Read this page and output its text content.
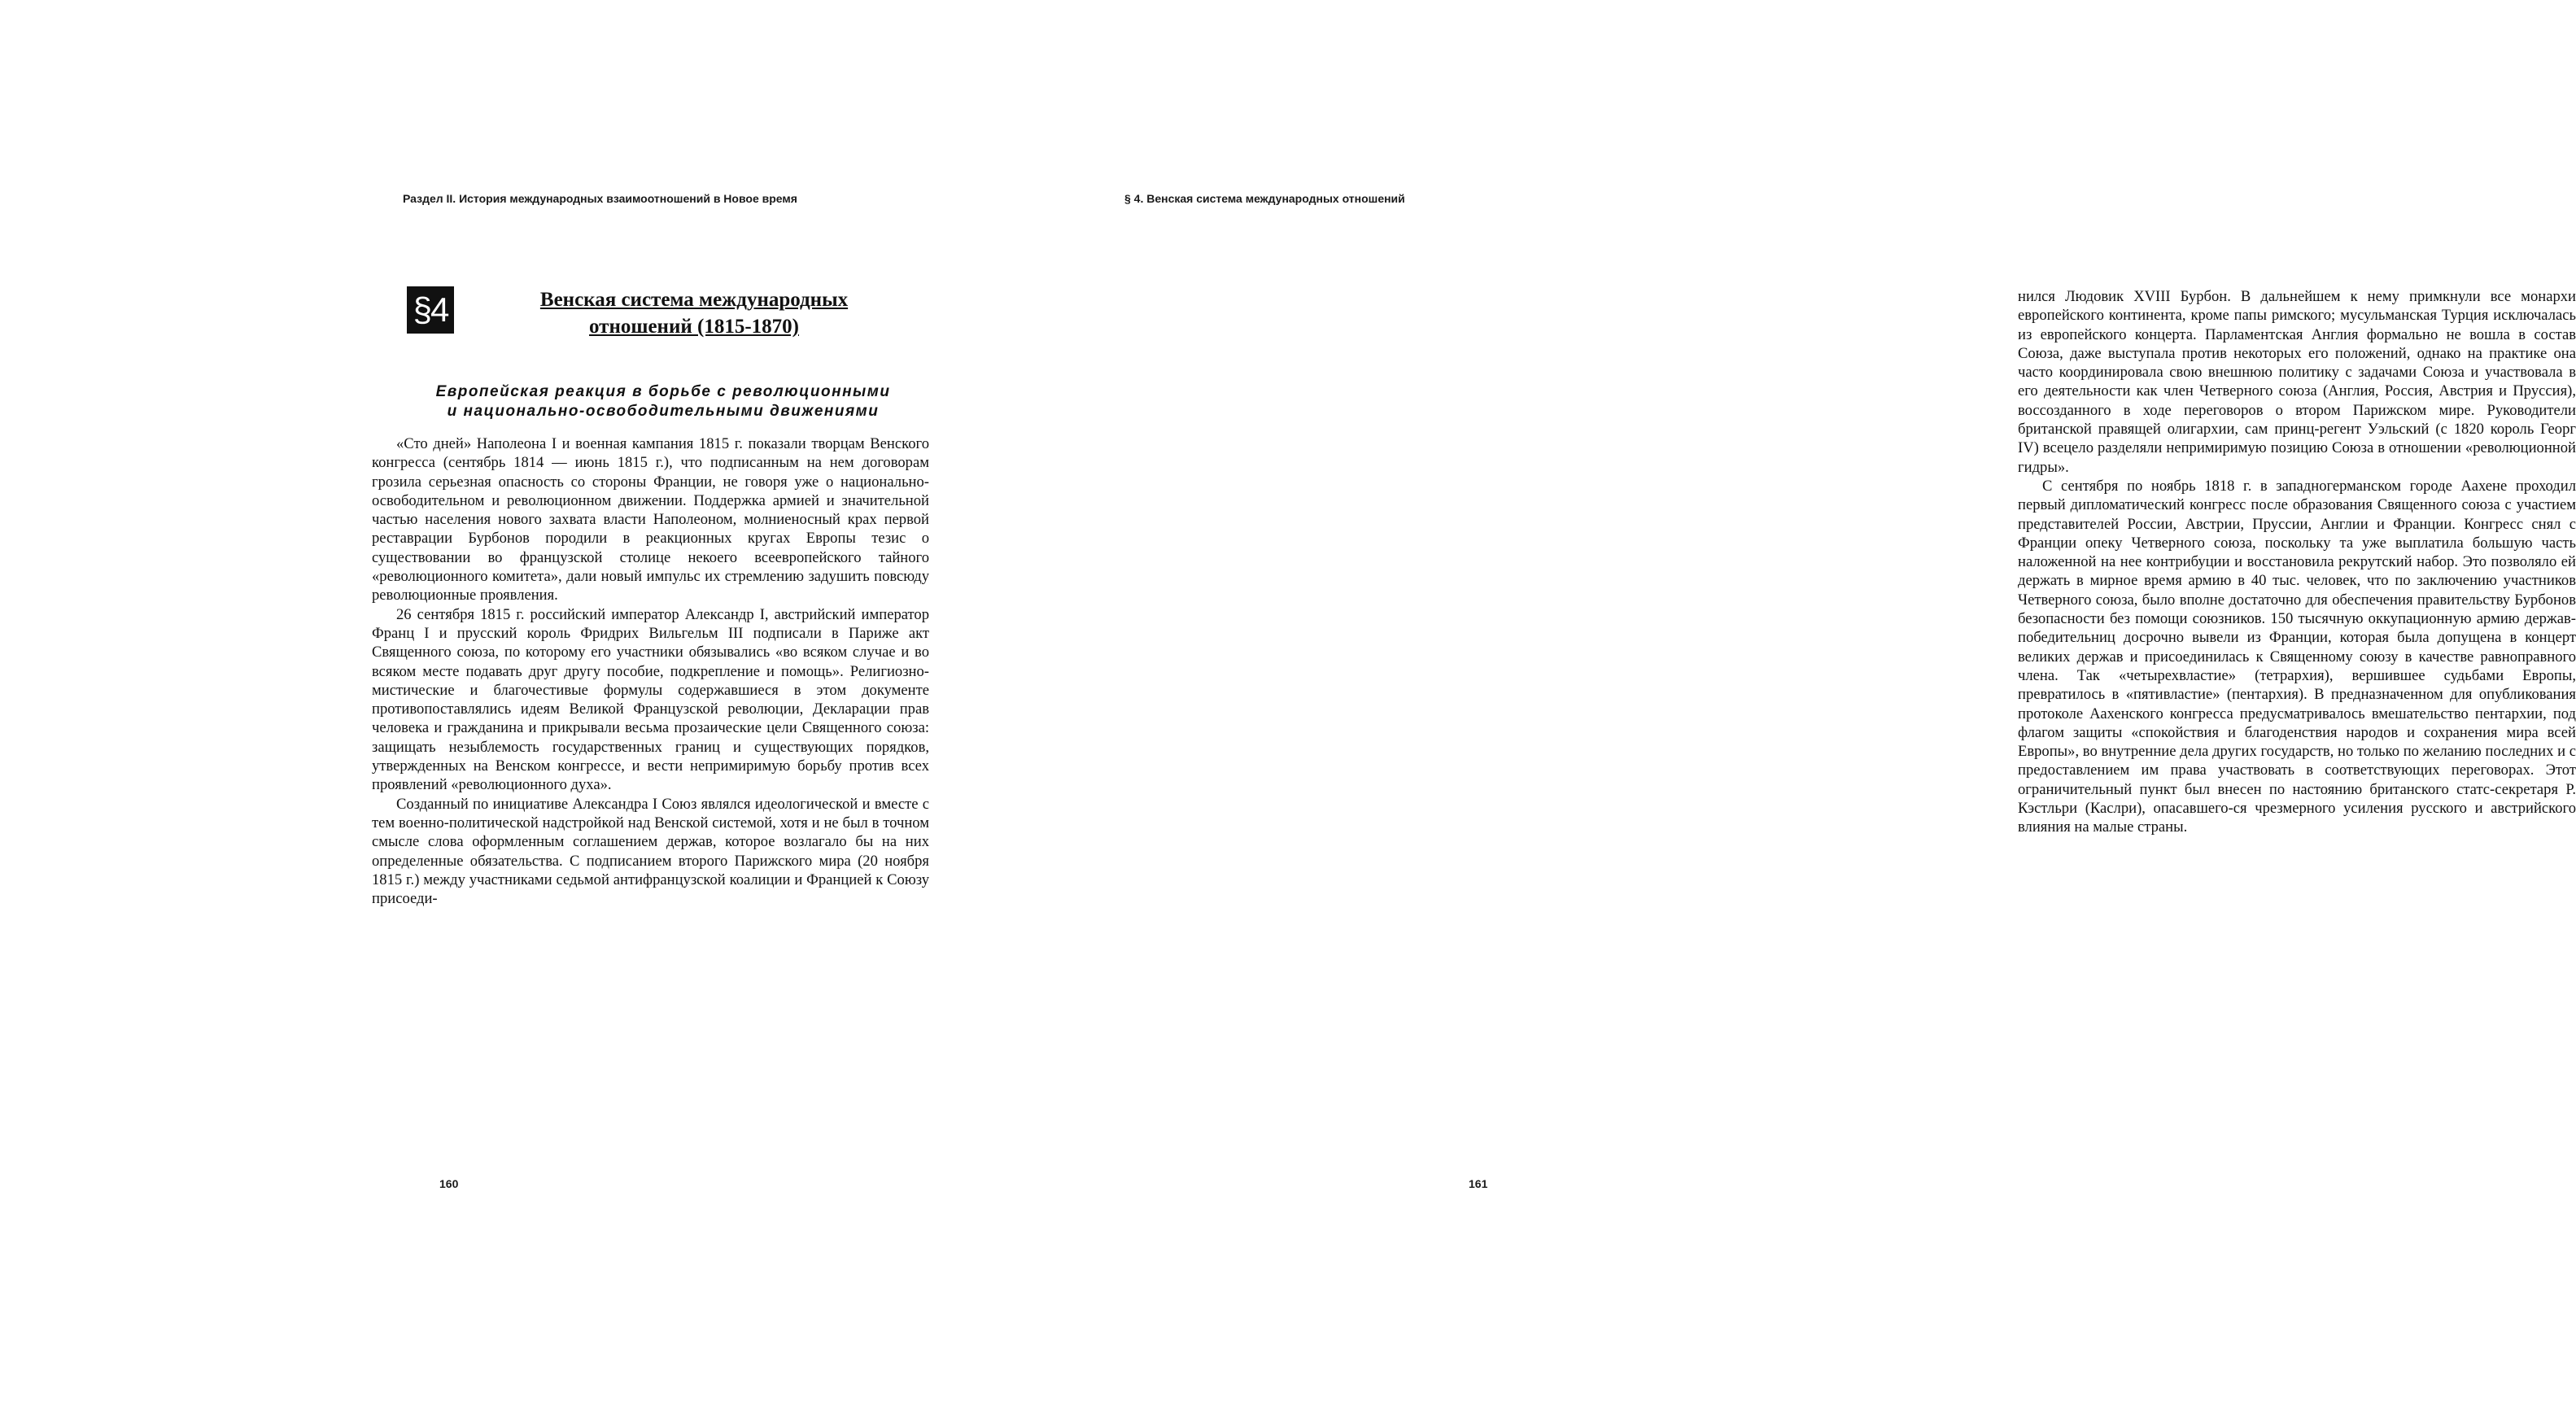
Раздел II. История международных взаимоотношений в Новое время
§4	Венская система международных
отношений (1815-1870)
Европейская реакция в борьбе с революционными
и национально-освободительными движениями

«Сто дней» Наполеона I и военная кампания 1815 г. показали творцам Венского конгресса (сентябрь 1814 — июнь 1815 г.), что подписанным на нем договорам грозила серьезная опасность со стороны Франции, не говоря уже о национально-освободительном и революционном движении. Поддержка армией и значительной частью населения нового захвата власти Наполеоном, молниеносный крах первой реставрации Бурбонов породили в реакционных кругах Европы тезис о существовании во французской столице некоего всеевропейского тайного «революционного комитета», дали новый импульс их стремлению задушить повсюду революционные проявления.

26 сентября 1815 г. российский император Александр I, австрийский император Франц I и прусский король Фридрих Вильгельм III подписали в Париже акт Священного союза, по которому его участники обязывались «во всяком случае и во всяком месте подавать друг другу пособие, подкрепление и помощь». Религиозно-мистические и благочестивые формулы содержавшиеся в этом документе противопоставлялись идеям Великой Французской революции, Декларации прав человека и гражданина и прикрывали весьма прозаические цели Священного союза: защищать незыблемость государственных границ и существующих порядков, утвержденных на Венском конгрессе, и вести непримиримую борьбу против всех проявлений «революционного духа».

Созданный по инициативе Александра I Союз являлся идеологической и вместе с тем военно-политической надстройкой над Венской системой, хотя и не был в точном смысле слова оформленным соглашением держав, которое возлагало бы на них определенные обязательства. С подписанием второго Парижского мира (20 ноября 1815 г.) между участниками седьмой антифранцузской коалиции и Францией к Союзу присоеди-

160
§ 4. Венская система международных отношений

нился Людовик XVIII Бурбон. В дальнейшем к нему примкнули все монархи европейского континента, кроме папы римского; мусульманская Турция исключалась из европейского концерта. Парламентская Англия формально не вошла в состав Союза, даже выступала против некоторых его положений, однако на практике она часто координировала свою внешнюю политику с задачами Союза и участвовала в его деятельности как член Четверного союза (Англия, Россия, Австрия и Пруссия), воссозданного в ходе переговоров о втором Парижском мире. Руководители британской правящей олигархии, сам принц-регент Уэльский (с 1820 король Георг IV) всецело разделяли непримиримую позицию Союза в отношении «революционной гидры».

С сентября по ноябрь 1818 г. в западногерманском городе Аахене проходил первый дипломатический конгресс после образования Священного союза с участием представителей России, Австрии, Пруссии, Англии и Франции. Конгресс снял с Франции опеку Четверного союза, поскольку та уже выплатила большую часть наложенной на нее контрибуции и восстановила рекрутский набор. Это позволяло ей держать в мирное время армию в 40 тыс. человек, что по заключению участников Четверного союза, было вполне достаточно для обеспечения правительству Бурбонов безопасности без помощи союзников. 150 тысячную оккупационную армию держав-победительниц досрочно вывели из Франции, которая была допущена в концерт великих держав и присоединилась к Священному союзу в качестве равноправного члена. Так «четырехвластие» (тетрархия), вершившее судьбами Европы, превратилось в «пятивластие» (пентархия). В предназначенном для опубликования протоколе Аахенского конгресса предусматривалось вмешательство пентархии, под флагом защиты «спокойствия и благоденствия народов и сохранения мира всей Европы», во внутренние дела других государств, но только по желанию последних и с предоставлением им права участвовать в соответствующих переговорах. Этот ограничительный пункт был внесен по настоянию британского статс-секретаря Р. Кэстльри (Каслри), опасавшего-ся чрезмерного усиления русского и австрийского влияния на малые страны.

161
